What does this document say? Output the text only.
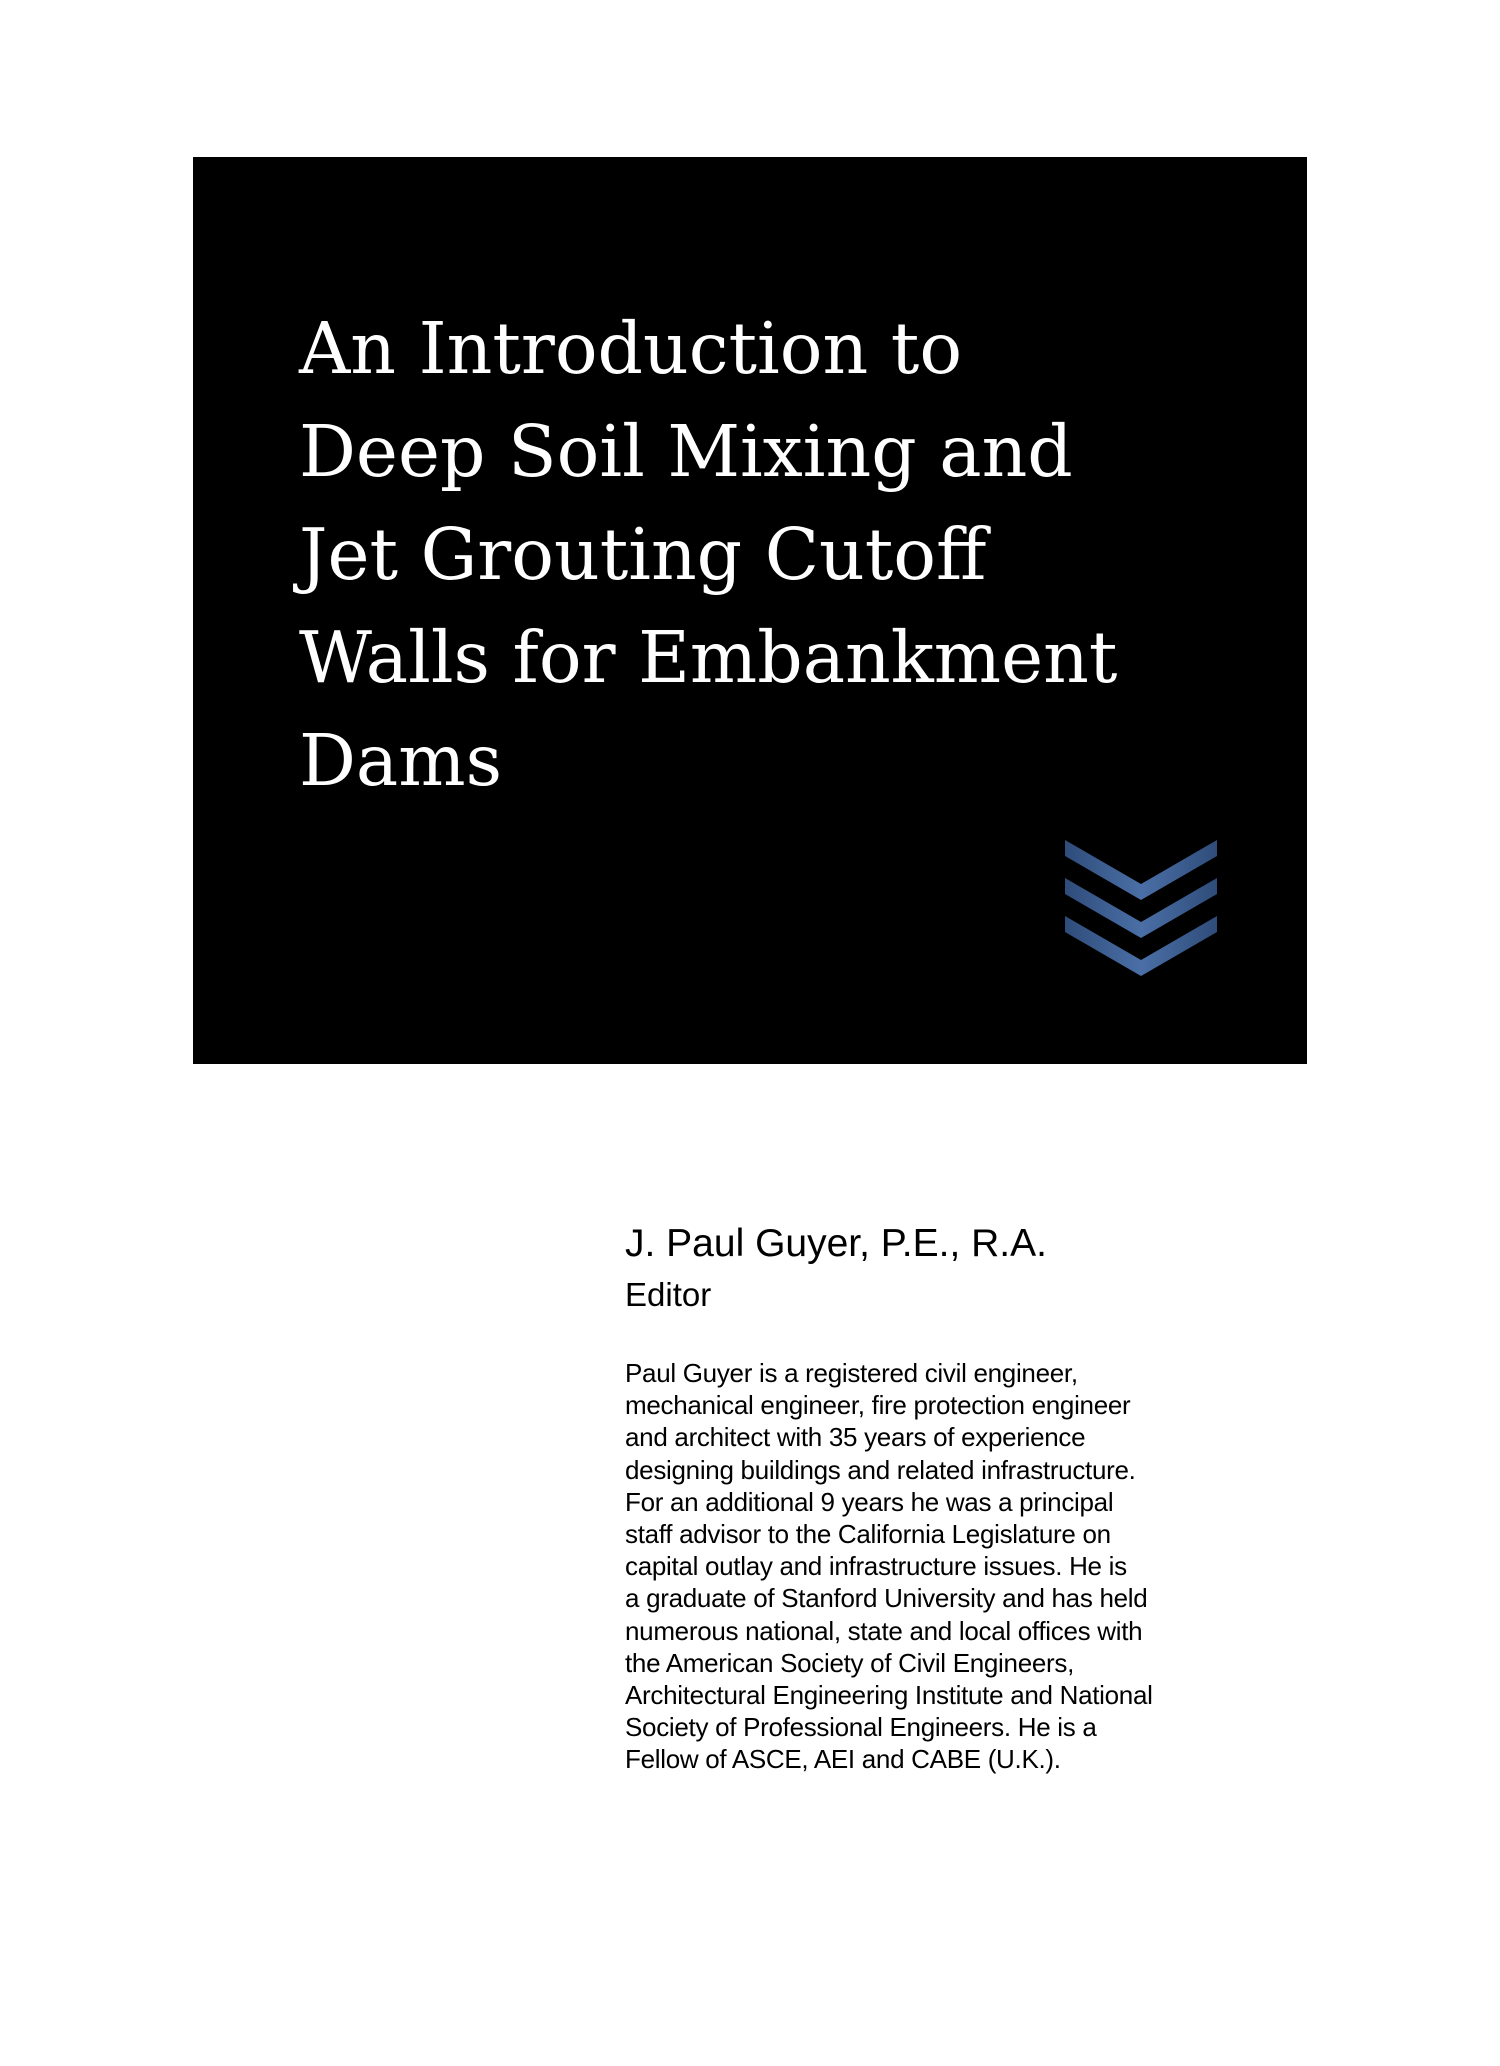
An Introduction to
Deep Soil Mixing and
Jet Grouting Cutoff
Walls for Embankment
Dams

J. Paul Guyer, P.E., R.A.

Editor

Paul Guyer is a registered civil engineer,
mechanical engineer, fire protection engineer
and architect with 35 years of experience
designing buildings and related infrastructure.
For an additional 9 years he was a principal
staff advisor to the California Legislature on
capital outlay and infrastructure issues. He is
a graduate of Stanford University and has held
numerous national, state and local offices with
the American Society of Civil Engineers,
Architectural Engineering Institute and National
Society of Professional Engineers. He is a
Fellow of ASCE, AEI and CABE (U.K.).
